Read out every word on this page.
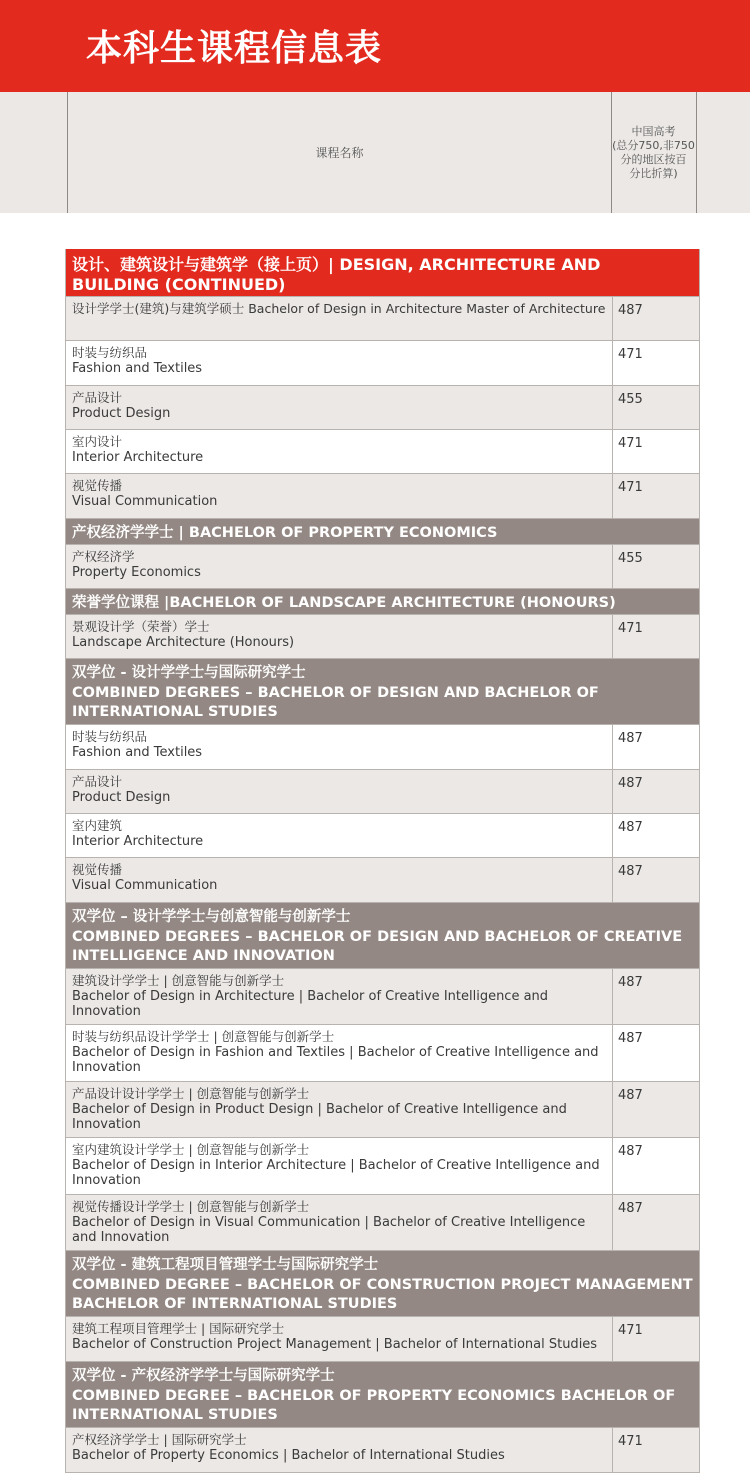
本科生课程信息表
课程名称
中国高考
(总分750,非750
分的地区按百
分比折算)
设计、建筑设计与建筑学（接上页）| DESIGN, ARCHITECTURE AND BUILDING (CONTINUED)
设计学学士(建筑)与建筑学硕士 Bachelor of Design in Architecture Master of Architecture 487
时装与纺织品
Fashion and Textiles
471
产品设计
Product Design
455
室内设计
Interior Architecture
471
视觉传播
Visual Communication
471
产权经济学学士 | BACHELOR OF PROPERTY ECONOMICS
产权经济学
Property Economics
455
荣誉学位课程 |BACHELOR OF LANDSCAPE ARCHITECTURE (HONOURS)
景观设计学（荣誉）学士
Landscape Architecture (Honours)
471
双学位 - 设计学学士与国际研究学士
COMBINED DEGREES – BACHELOR OF DESIGN AND BACHELOR OF INTERNATIONAL STUDIES
时装与纺织品
Fashion and Textiles
487
产品设计
Product Design
487
室内建筑
Interior Architecture
487
视觉传播
Visual Communication
487
双学位 – 设计学学士与创意智能与创新学士
COMBINED DEGREES – BACHELOR OF DESIGN AND BACHELOR OF CREATIVE INTELLIGENCE AND INNOVATION
建筑设计学学士 | 创意智能与创新学士
Bachelor of Design in Architecture | Bachelor of Creative Intelligence and Innovation
487
时装与纺织品设计学学士 | 创意智能与创新学士
Bachelor of Design in Fashion and Textiles | Bachelor of Creative Intelligence and Innovation
487
产品设计设计学学士 | 创意智能与创新学士
Bachelor of Design in Product Design | Bachelor of Creative Intelligence and Innovation
487
室内建筑设计学学士 | 创意智能与创新学士
Bachelor of Design in Interior Architecture | Bachelor of Creative Intelligence and Innovation
487
视觉传播设计学学士 | 创意智能与创新学士
Bachelor of Design in Visual Communication | Bachelor of Creative Intelligence and Innovation
487
双学位 - 建筑工程项目管理学士与国际研究学士
COMBINED DEGREE – BACHELOR OF CONSTRUCTION PROJECT MANAGEMENT BACHELOR OF INTERNATIONAL STUDIES
建筑工程项目管理学士 | 国际研究学士
Bachelor of Construction Project Management | Bachelor of International Studies
471
双学位 - 产权经济学学士与国际研究学士
COMBINED DEGREE – BACHELOR OF PROPERTY ECONOMICS BACHELOR OF INTERNATIONAL STUDIES
产权经济学学士 | 国际研究学士
Bachelor of Property Economics | Bachelor of International Studies
471
